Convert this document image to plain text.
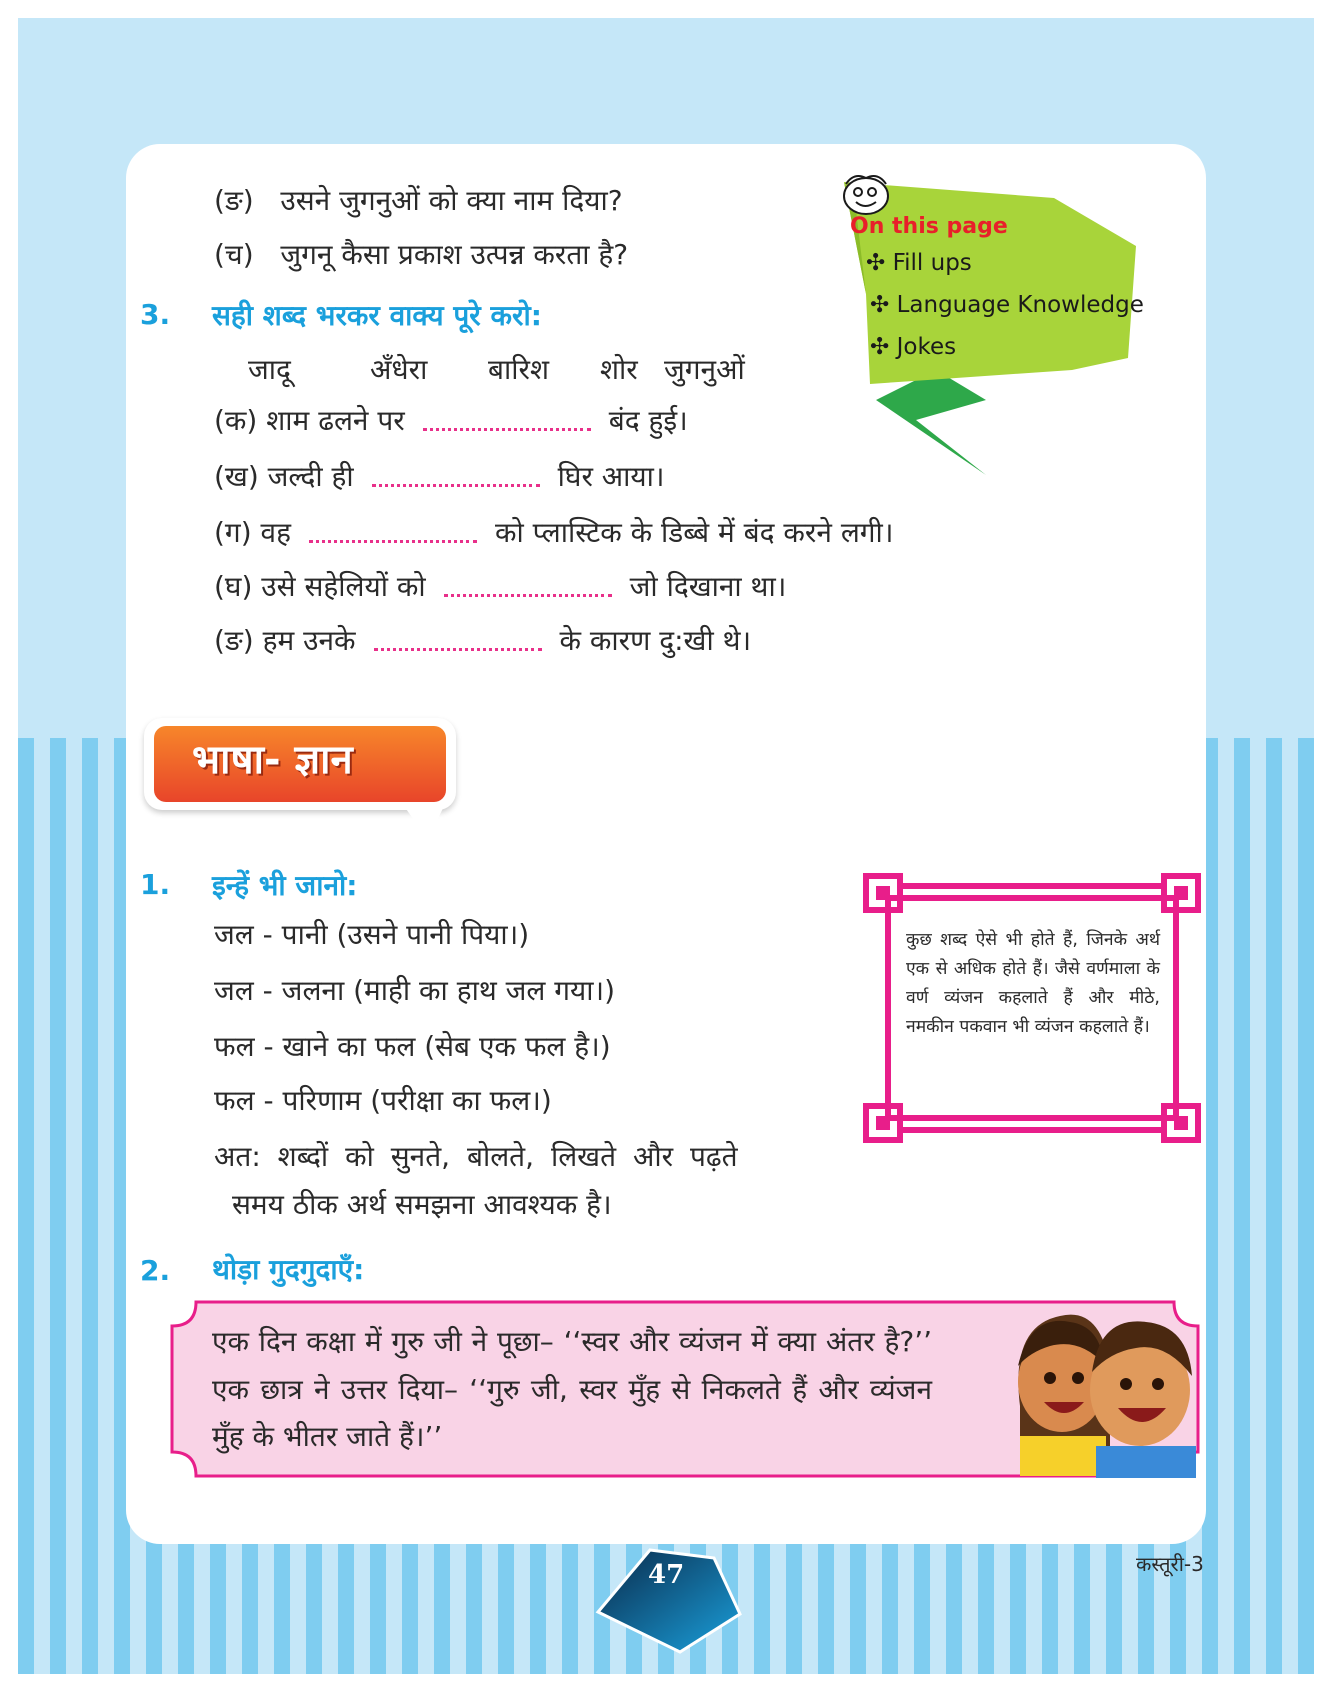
(ङ) उसने जुगनुओं को क्या नाम दिया?
(च) जुगनू कैसा प्रकाश उत्पन्न करता है?
3. सही शब्द भरकर वाक्य पूरे करो:
जादू	अँधेरा बारिश शोर जुगनुओं
(क) शाम ढलने पर	बंद हुई।
(ख) जल्दी ही	घिर आया।
(ग) वह	को प्लास्टिक के डिब्बे में बंद करने लगी।
(घ) उसे सहेलियों को	जो दिखाना था।
(ङ) हम उनके	के कारण दु:खी थे।
On this page
✣ Fill ups
✣ Language Knowledge
✣ Jokes
भाषा- ज्ञान
1. इन्हें भी जानो:
जल - पानी (उसने पानी पिया।)
जल - जलना (माही का हाथ जल गया।)
फल - खाने का फल (सेब एक फल है।)
फल - परिणाम (परीक्षा का फल।)
अत: शब्दों को सुनते, बोलते, लिखते और पढ़ते
समय ठीक अर्थ समझना आवश्यक है।
कुछ शब्द ऐसे भी होते हैं, जिनके अर्थ एक से अधिक होते हैं। जैसे वर्णमाला के वर्ण व्यंजन कहलाते हैं और मीठे, नमकीन पकवान भी व्यंजन कहलाते हैं।
2. थोड़ा गुदगुदाएँ:
एक दिन कक्षा में गुरु जी ने पूछा– ‘‘स्वर और व्यंजन में क्या अंतर है?’’ एक छात्र ने उत्तर दिया– ‘‘गुरु जी, स्वर मुँह से निकलते हैं और व्यंजन मुँह के भीतर जाते हैं।’’
47	कस्तूरी-3
